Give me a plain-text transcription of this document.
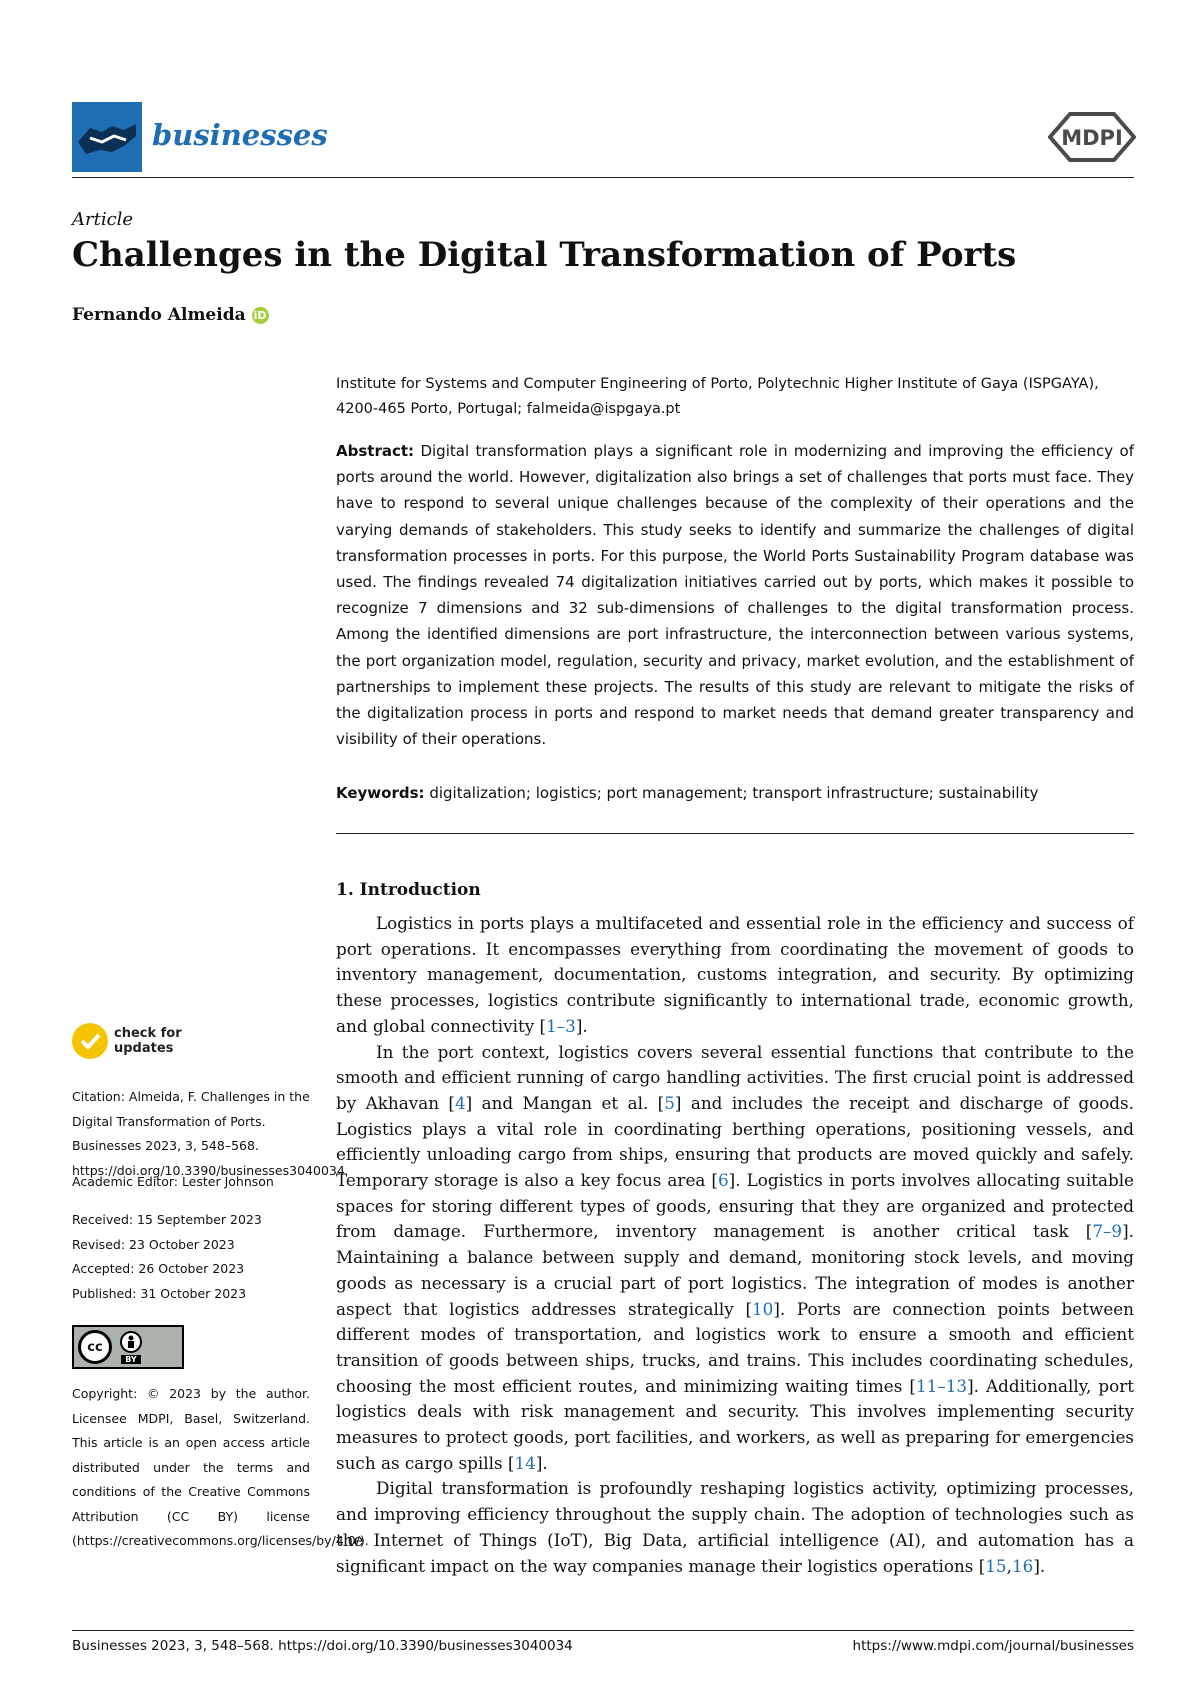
businesses	MDPI
Article
Challenges in the Digital Transformation of Ports
Fernando Almeida iD
Institute for Systems and Computer Engineering of Porto, Polytechnic Higher Institute of Gaya (ISPGAYA),
4200-465 Porto, Portugal; falmeida@ispgaya.pt
Abstract: Digital transformation plays a significant role in modernizing and improving the efficiency of ports around the world. However, digitalization also brings a set of challenges that ports must face. They have to respond to several unique challenges because of the complexity of their operations and the varying demands of stakeholders. This study seeks to identify and summarize the challenges of digital transformation processes in ports. For this purpose, the World Ports Sustainability Program database was used. The findings revealed 74 digitalization initiatives carried out by ports, which makes it possible to recognize 7 dimensions and 32 sub-dimensions of challenges to the digital transformation process. Among the identified dimensions are port infrastructure, the interconnection between various systems, the port organization model, regulation, security and privacy, market evolution, and the establishment of partnerships to implement these projects. The results of this study are relevant to mitigate the risks of the digitalization process in ports and respond to market needs that demand greater transparency and visibility of their operations.
Keywords: digitalization; logistics; port management; transport infrastructure; sustainability
1. Introduction

Logistics in ports plays a multifaceted and essential role in the efficiency and success of port operations. It encompasses everything from coordinating the movement of goods to inventory management, documentation, customs integration, and security. By optimizing these processes, logistics contribute significantly to international trade, economic growth, and global connectivity [1–3].

In the port context, logistics covers several essential functions that contribute to the smooth and efficient running of cargo handling activities. The first crucial point is addressed by Akhavan [4] and Mangan et al. [5] and includes the receipt and discharge of goods. Logistics plays a vital role in coordinating berthing operations, positioning vessels, and efficiently unloading cargo from ships, ensuring that products are moved quickly and safely. Temporary storage is also a key focus area [6]. Logistics in ports involves allocating suitable spaces for storing different types of goods, ensuring that they are organized and protected from damage. Furthermore, inventory management is another critical task [7–9]. Maintaining a balance between supply and demand, monitoring stock levels, and moving goods as necessary is a crucial part of port logistics. The integration of modes is another aspect that logistics addresses strategically [10]. Ports are connection points between different modes of transportation, and logistics work to ensure a smooth and efficient transition of goods between ships, trucks, and trains. This includes coordinating schedules, choosing the most efficient routes, and minimizing waiting times [11–13]. Additionally, port logistics deals with risk management and security. This involves implementing security measures to protect goods, port facilities, and workers, as well as preparing for emergencies such as cargo spills [14].

Digital transformation is profoundly reshaping logistics activity, optimizing processes, and improving efficiency throughout the supply chain. The adoption of technologies such as the Internet of Things (IoT), Big Data, artificial intelligence (AI), and automation has a significant impact on the way companies manage their logistics operations [15,16].

check for
updates
Citation: Almeida, F. Challenges in the Digital Transformation of Ports. Businesses 2023, 3, 548–568. https://doi.org/10.3390/businesses3040034
Academic Editor: Lester Johnson
Received: 15 September 2023
Revised: 23 October 2023
Accepted: 26 October 2023
Published: 31 October 2023
cc
BY
Copyright: © 2023 by the author. Licensee MDPI, Basel, Switzerland. This article is an open access article distributed under the terms and conditions of the Creative Commons Attribution (CC BY) license (https://creativecommons.org/licenses/by/4.0/).
Businesses 2023, 3, 548–568. https://doi.org/10.3390/businesses3040034	https://www.mdpi.com/journal/businesses
